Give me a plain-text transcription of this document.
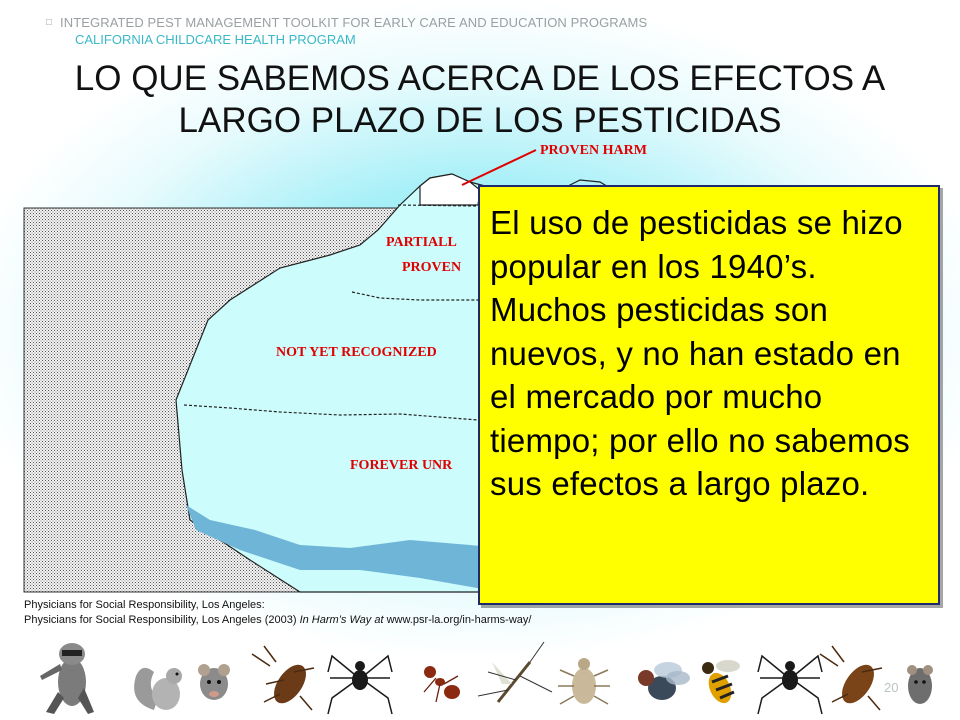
□ INTEGRATED PEST MANAGEMENT TOOLKIT FOR EARLY CARE AND EDUCATION PROGRAMS
CALIFORNIA CHILDCARE HEALTH PROGRAM
LO QUE SABEMOS ACERCA DE LOS EFECTOS A
LARGO PLAZO DE LOS PESTICIDAS
PROVEN HARM
PARTIALL
PROVEN
NOT YET RECOGNIZED
FOREVER UNR

El uso de pesticidas se hizo popular en los 1940’s. Muchos pesticidas son nuevos, y no han estado en el mercado por mucho tiempo; por ello no sabemos sus efectos a largo plazo.

Physicians for Social Responsibility, Los Angeles:
Physicians for Social Responsibility, Los Angeles (2003) In Harm’s Way at www.psr-la.org/in-harms-way/
20
